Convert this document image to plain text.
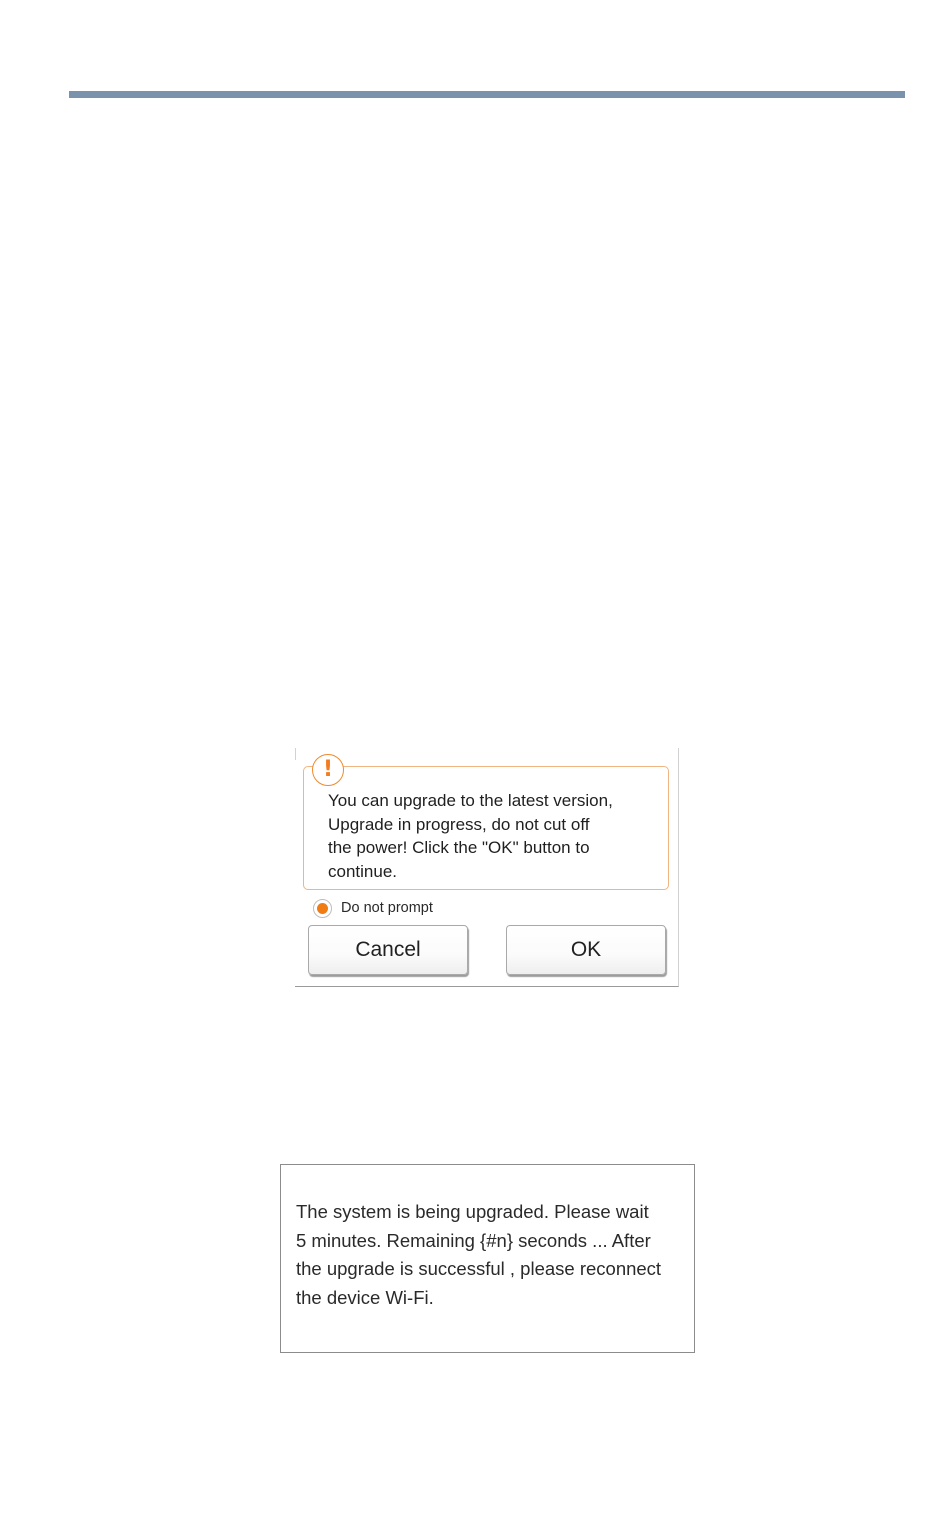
!

You can upgrade to the latest version,
Upgrade in progress, do not cut off
the power! Click the "OK" button to
continue.

Do not prompt
Cancel	OK

The system is being upgraded. Please wait
5 minutes. Remaining {#n} seconds ... After
the upgrade is successful , please reconnect
the device Wi-Fi.
